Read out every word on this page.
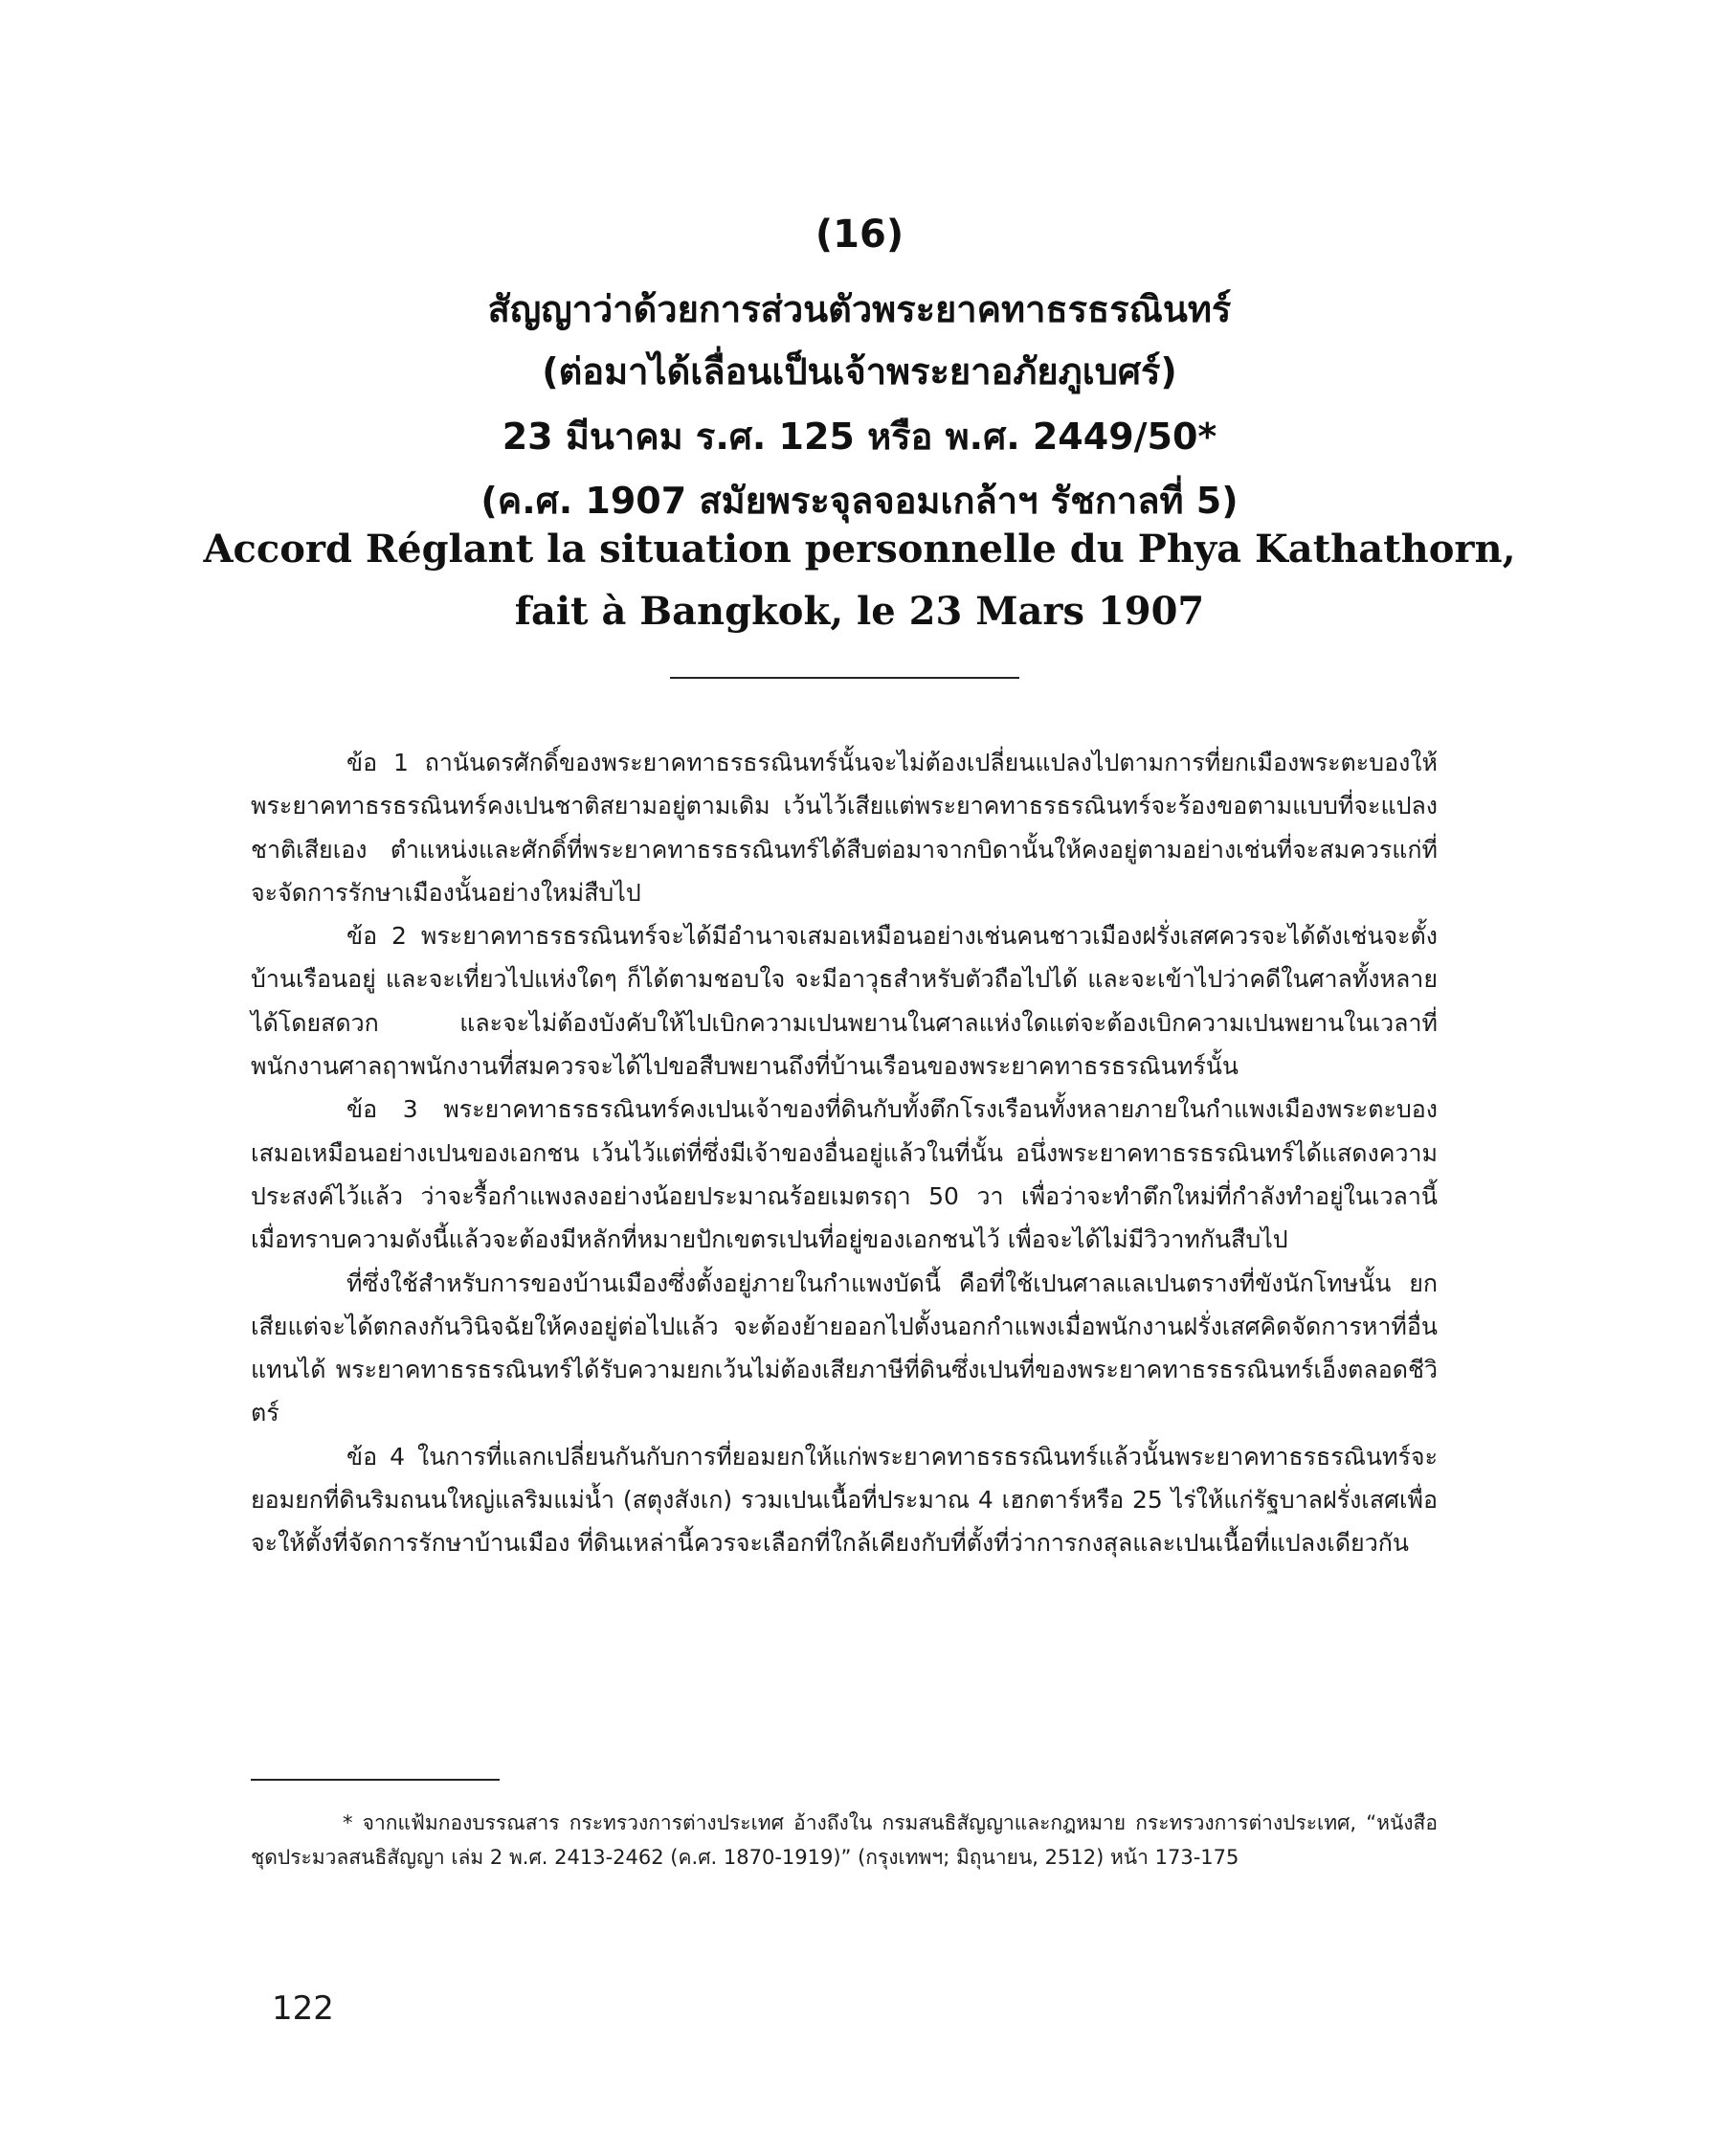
(16)
สัญญาว่าด้วยการส่วนตัวพระยาคทาธรธรณินทร์
(ต่อมาได้เลื่อนเป็นเจ้าพระยาอภัยภูเบศร์)
23 มีนาคม ร.ศ. 125 หรือ พ.ศ. 2449/50*
(ค.ศ. 1907 สมัยพระจุลจอมเกล้าฯ รัชกาลที่ 5)
Accord Réglant la situation personnelle du Phya Kathathorn,
fait à Bangkok, le 23 Mars 1907

ข้อ 1 ถานันดรศักดิ์ของพระยาคทาธรธรณินทร์นั้นจะไม่ต้องเปลี่ยนแปลงไปตามการที่ยกเมืองพระตะบองให้ พระยาคทาธรธรณินทร์คงเปนชาติสยามอยู่ตามเดิม เว้นไว้เสียแต่พระยาคทาธรธรณินทร์จะร้องขอตามแบบที่จะแปลงชาติเสียเอง ตำแหน่งและศักดิ์ที่พระยาคทาธรธรณินทร์ได้สืบต่อมาจากบิดานั้นให้คงอยู่ตามอย่างเช่นที่จะสมควรแก่ที่จะจัดการรักษาเมืองนั้นอย่างใหม่สืบไป

ข้อ 2 พระยาคทาธรธรณินทร์จะได้มีอำนาจเสมอเหมือนอย่างเช่นคนชาวเมืองฝรั่งเสศควรจะได้ดังเช่นจะตั้งบ้านเรือนอยู่ และจะเที่ยวไปแห่งใดๆ ก็ได้ตามชอบใจ จะมีอาวุธสำหรับตัวถือไปได้ และจะเข้าไปว่าคดีในศาลทั้งหลายได้โดยสดวก และจะไม่ต้องบังคับให้ไปเบิกความเปนพยานในศาลแห่งใดแต่จะต้องเบิกความเปนพยานในเวลาที่พนักงานศาลฤาพนักงานที่สมควรจะได้ไปขอสืบพยานถึงที่บ้านเรือนของพระยาคทาธรธรณินทร์นั้น

ข้อ 3 พระยาคทาธรธรณินทร์คงเปนเจ้าของที่ดินกับทั้งตึกโรงเรือนทั้งหลายภายในกำแพงเมืองพระตะบองเสมอเหมือนอย่างเปนของเอกชน เว้นไว้แต่ที่ซึ่งมีเจ้าของอื่นอยู่แล้วในที่นั้น อนึ่งพระยาคทาธรธรณินทร์ได้แสดงความประสงค์ไว้แล้ว ว่าจะรื้อกำแพงลงอย่างน้อยประมาณร้อยเมตรฤา 50 วา เพื่อว่าจะทำตึกใหม่ที่กำลังทำอยู่ในเวลานี้ เมื่อทราบความดังนี้แล้วจะต้องมีหลักที่หมายปักเขตรเปนที่อยู่ของเอกชนไว้ เพื่อจะได้ไม่มีวิวาทกันสืบไป

ที่ซึ่งใช้สำหรับการของบ้านเมืองซึ่งตั้งอยู่ภายในกำแพงบัดนี้ คือที่ใช้เปนศาลแลเปนตรางที่ขังนักโทษนั้น ยกเสียแต่จะได้ตกลงกันวินิจฉัยให้คงอยู่ต่อไปแล้ว จะต้องย้ายออกไปตั้งนอกกำแพงเมื่อพนักงานฝรั่งเสศคิดจัดการหาที่อื่นแทนได้ พระยาคทาธรธรณินทร์ได้รับความยกเว้นไม่ต้องเสียภาษีที่ดินซึ่งเปนที่ของพระยาคทาธรธรณินทร์เอ็งตลอดชีวิตร์

ข้อ 4 ในการที่แลกเปลี่ยนกันกับการที่ยอมยกให้แก่พระยาคทาธรธรณินทร์แล้วนั้นพระยาคทาธรธรณินทร์จะยอมยกที่ดินริมถนนใหญ่แลริมแม่น้ำ (สตุงสังเก) รวมเปนเนื้อที่ประมาณ 4 เฮกตาร์หรือ 25 ไร่ให้แก่รัฐบาลฝรั่งเสศเพื่อจะให้ตั้งที่จัดการรักษาบ้านเมือง ที่ดินเหล่านี้ควรจะเลือกที่ใกล้เคียงกับที่ตั้งที่ว่าการกงสุลและเปนเนื้อที่แปลงเดียวกัน

* จากแฟ้มกองบรรณสาร กระทรวงการต่างประเทศ อ้างถึงใน กรมสนธิสัญญาและกฎหมาย กระทรวงการต่างประเทศ, “หนังสือชุดประมวลสนธิสัญญา เล่ม 2 พ.ศ. 2413-2462 (ค.ศ. 1870-1919)” (กรุงเทพฯ; มิถุนายน, 2512) หน้า 173-175

122
